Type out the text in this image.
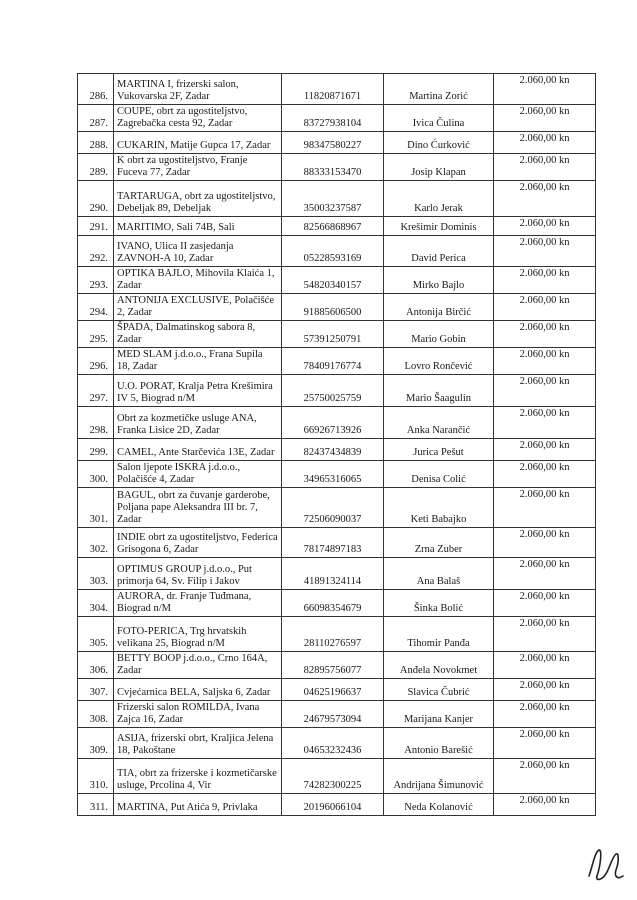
286.	MARTINA I, frizerski salon, Vukovarska 2F, Zadar	11820871671	Martina Zorić	2.060,00 kn
287.	COUPE, obrt za ugostiteljstvo, Zagrebačka cesta 92, Zadar	83727938104	Ivica Čulina	2.060,00 kn
288.	CUKARIN, Matije Gupca 17, Zadar	98347580227	Dino Ćurković	2.060,00 kn
289.	K obrt za ugostiteljstvo, Franje Fuceva 77, Zadar	88333153470	Josip Klapan	2.060,00 kn
290.	TARTARUGA, obrt za ugostiteljstvo, Debeljak 89, Debeljak	35003237587	Karlo Jerak	2.060,00 kn
291.	MARITIMO, Sali 74B, Sali	82566868967	Krešimir Dominis	2.060,00 kn
292.	IVANO, Ulica II zasjedanja ZAVNOH-A 10, Zadar	05228593169	David Perica	2.060,00 kn
293.	OPTIKA BAJLO, Mihovila Klaića 1, Zadar	54820340157	Mirko Bajlo	2.060,00 kn
294.	ANTONIJA EXCLUSIVE, Polačišće 2, Zadar	91885606500	Antonija Birčić	2.060,00 kn
295.	ŠPADA, Dalmatinskog sabora 8, Zadar	57391250791	Mario Gobin	2.060,00 kn
296.	MED SLAM j.d.o.o., Frana Supila 18, Zadar	78409176774	Lovro Rončević	2.060,00 kn
297.	U.O. PORAT, Kralja Petra Krešimira IV 5, Biograd n/M	25750025759	Mario Šaagulin	2.060,00 kn
298.	Obrt za kozmetičke usluge ANA, Franka Lisice 2D, Zadar	66926713926	Anka Narančić	2.060,00 kn
299.	CAMEL, Ante Starčevića 13E, Zadar	82437434839	Jurica Pešut	2.060,00 kn
300.	Salon ljepote ISKRA j.d.o.o., Polačišće 4, Zadar	34965316065	Denisa Colić	2.060,00 kn
301.	BAGUL, obrt za čuvanje garderobe, Poljana pape Aleksandra III br. 7, Zadar	72506090037	Keti Babajko	2.060,00 kn
302.	INDIE obrt za ugostiteljstvo, Federica Grisogona 6, Zadar	78174897183	Zrna Zuber	2.060,00 kn
303.	OPTIMUS GROUP j.d.o.o., Put primorja 64, Sv. Filip i Jakov	41891324114	Ana Balaš	2.060,00 kn
304.	AURORA, dr. Franje Tuđmana, Biograd n/M	66098354679	Šinka Bolić	2.060,00 kn
305.	FOTO-PERICA, Trg hrvatskih velikana 25, Biograd n/M	28110276597	Tihomir Panđa	2.060,00 kn
306.	BETTY BOOP j.d.o.o., Crno 164A, Zadar	82895756077	Anđela Novokmet	2.060,00 kn
307.	Cvjećarnica BELA, Saljska 6, Zadar	04625196637	Slavica Čubrić	2.060,00 kn
308.	Frizerski salon ROMILDA, Ivana Zajca 16, Zadar	24679573094	Marijana Kanjer	2.060,00 kn
309.	ASIJA, frizerski obrt, Kraljica Jelena 18, Pakoštane	04653232436	Antonio Barešić	2.060,00 kn
310.	TIA, obrt za frizerske i kozmetičarske usluge, Prcolina 4, Vir	74282300225	Andrijana Šimunović	2.060,00 kn
311.	MARTINA, Put Atića 9, Privlaka	20196066104	Neda Kolanović	2.060,00 kn
